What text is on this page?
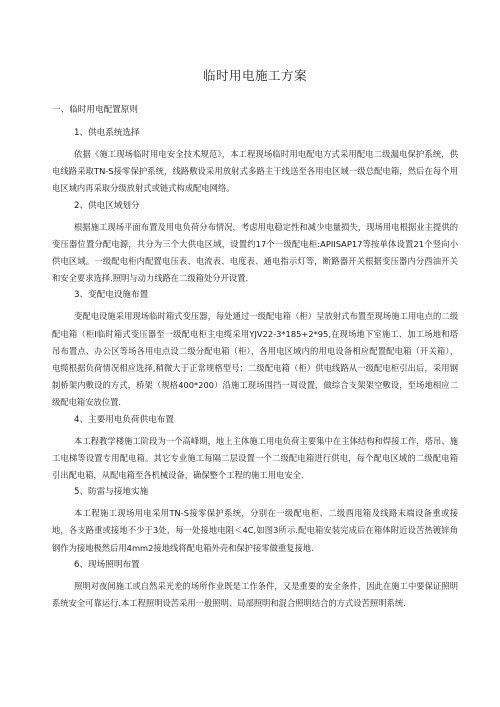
临时用电施工方案
一、临时用电配置原则
1、供电系统选择
依据《施工现场临时用电安全技术规范》，本工程现场临时用电配电方式采用配电二级漏电保护系统，供电线路采取TN-S接零保护系统，线路敷设采用放射式多路主干线送至各用电区域一级总配电箱，然后在每个用电区域内再采取分级放射式或链式构成配电网络。
2、供电区域划分
根据施工现场平面布置及用电负荷分布情况，考虑用电稳定性和减少电量损失，现场用电根据业主提供的变压器位置分配电源，共分为三个大供电区域，设置约17个一级配电柜:APIISAP17等按单体设置21个竖向小供电区域。一级配电柜内配置电压表、电流表、电度表、通电指示灯等，断路器开关根据变压器内分酉油开关和安全要求选择.照明与动力线路在二级箱处分开设置.
3、变配电设施布置
变配电设施采用现场临时箱式变压器，每处通过一级配电箱（柜）呈放射式布置至现场施工用电点的二级配电箱（柜I临时箱式变压器至一级配电柜主电缆采用YJV22-3*185+2*95,在现场地下室施工、加工场地和塔吊布置点、办公区等场各用电点设二级分配电箱（柜），各用电区域内的用电设备相应配置配电箱（开关箱），电缆根据负荷情况相应选择,稍微大于正常规格型号；二级配电箱（柜）供电线路从一级配电柜引出后，采用钢制桥架内敷设的方式，桥架（规格400*200）沿施工现场围挡一周设置，做综合支架架空敷设，至场地相应二级配电箱安放位置.
4、主要用电负荷供电布置
本工程教学楼施工阶段为一个高峰期，地上主体施工用电负荷主要集中在主体结构和焊接工作，塔吊、施工电梯等设置专用配电箱。其它专业施工每隔二层设置一个二级配电箱进行供电，每个配电区域的二级配电箱引出配电箱，从配电箱至各机械设备，确保整个工程的施工用电安全.
5、防雷与接地实施
本工程施工现场用电采用TN-S接零保护系统，分别在一级配电柜、二级酉甩箱及线路末端设备重或接地，各支路重或接地不少于3处，每一处接地电阻＜4C,如图3所示.配电箱安装完成后在箱体附近设苦热镀锌角钢作为接地极然后用4mm2接地线将配电箱外壳和保护接零做重复接地.
6、现场照明布置
照明对夜间施工或自然采光差的场所作业既是工作条件，又是重要的安全条件，因此在施工中要保证照明系统安全可靠运行.本工程照明设苦采用一般照明、局部照明和混合照明结合的方式设苦照明系统.
